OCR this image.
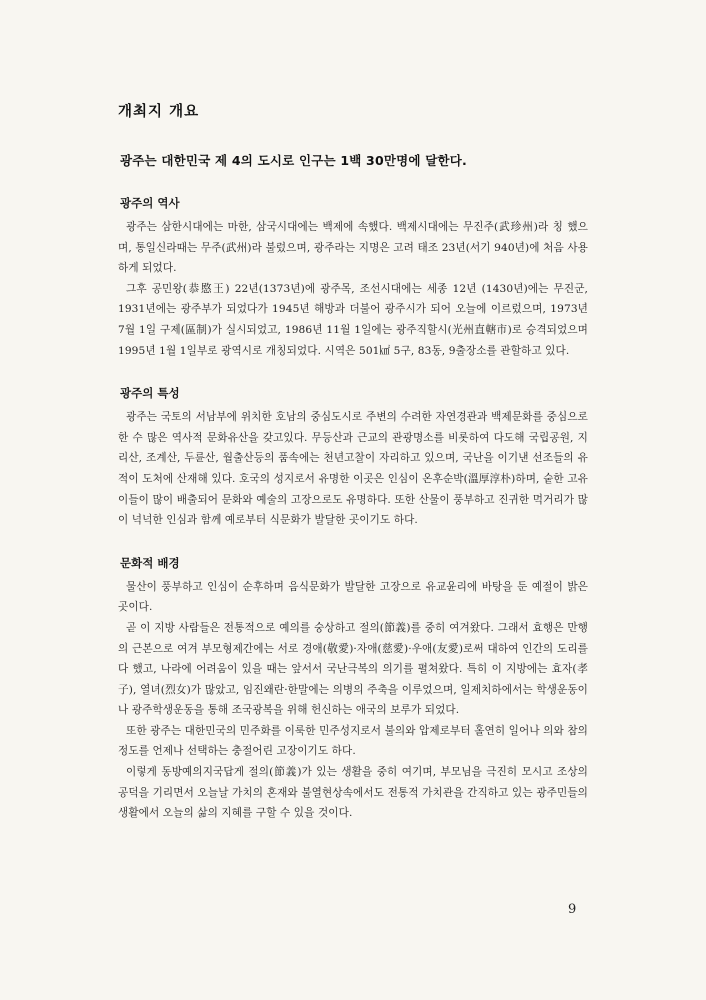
개최지 개요

광주는 대한민국 제 4의 도시로 인구는 1백 30만명에 달한다.

광주의 역사

광주는 삼한시대에는 마한, 삼국시대에는 백제에 속했다. 백제시대에는 무진주(武珍州)라 칭 했으며, 통일신라때는 무주(武州)라 불렀으며, 광주라는 지명은 고려 태조 23년(서기 940년)에 처음 사용하게 되었다.

그후 공민왕(恭愍王) 22년(1373년)에 광주목, 조선시대에는 세종 12년 (1430년)에는 무진군, 1931년에는 광주부가 되었다가 1945년 해방과 더불어 광주시가 되어 오늘에 이르렀으며, 1973년 7월 1일 구제(區制)가 실시되었고, 1986년 11월 1일에는 광주직할시(光州直轄市)로 승격되었으며 1995년 1월 1일부로 광역시로 개칭되었다. 시역은 501㎢ 5구, 83동, 9출장소를 관할하고 있다.

광주의 특성

광주는 국토의 서남부에 위치한 호남의 중심도시로 주변의 수려한 자연경관과 백제문화를 중심으로 한 수 많은 역사적 문화유산을 갖고있다. 무등산과 근교의 관광명소를 비롯하여 다도해 국립공원, 지리산, 조계산, 두륜산, 월출산등의 품속에는 천년고찰이 자리하고 있으며, 국난을 이기낸 선조들의 유적이 도처에 산재해 있다. 호국의 성지로서 유명한 이곳은 인심이 온후순박(溫厚淳朴)하며, 숱한 고유 이들이 많이 배출되어 문화와 예술의 고장으로도 유명하다. 또한 산물이 풍부하고 진귀한 먹거리가 많이 넉넉한 인심과 함께 예로부터 식문화가 발달한 곳이기도 하다.

문화적 배경

물산이 풍부하고 인심이 순후하며 음식문화가 발달한 고장으로 유교윤리에 바탕을 둔 예절이 밝은 곳이다.

곧 이 지방 사람들은 전통적으로 예의를 숭상하고 절의(節義)를 중히 여겨왔다. 그래서 효행은 만행의 근본으로 여겨 부모형제간에는 서로 경애(敬愛)·자애(慈愛)·우애(友愛)로써 대하여 인간의 도리를 다 했고, 나라에 어려움이 있을 때는 앞서서 국난극복의 의기를 펼쳐왔다. 특히 이 지방에는 효자(孝子), 열녀(烈女)가 많았고, 임진왜란·한말에는 의병의 주축을 이루었으며, 일제치하에서는 학생운동이나 광주학생운동을 통해 조국광복을 위해 헌신하는 애국의 보루가 되었다.

또한 광주는 대한민국의 민주화를 이룩한 민주성지로서 불의와 압제로부터 홀연히 일어나 의와 참의 정도를 언제나 선택하는 충절어린 고장이기도 하다.

이렇게 동방예의지국답게 절의(節義)가 있는 생활을 중히 여기며, 부모님을 극진히 모시고 조상의 공덕을 기리면서 오늘날 가치의 혼재와 불열현상속에서도 전통적 가치관을 간직하고 있는 광주민들의 생활에서 오늘의 삶의 지혜를 구할 수 있을 것이다.

9
